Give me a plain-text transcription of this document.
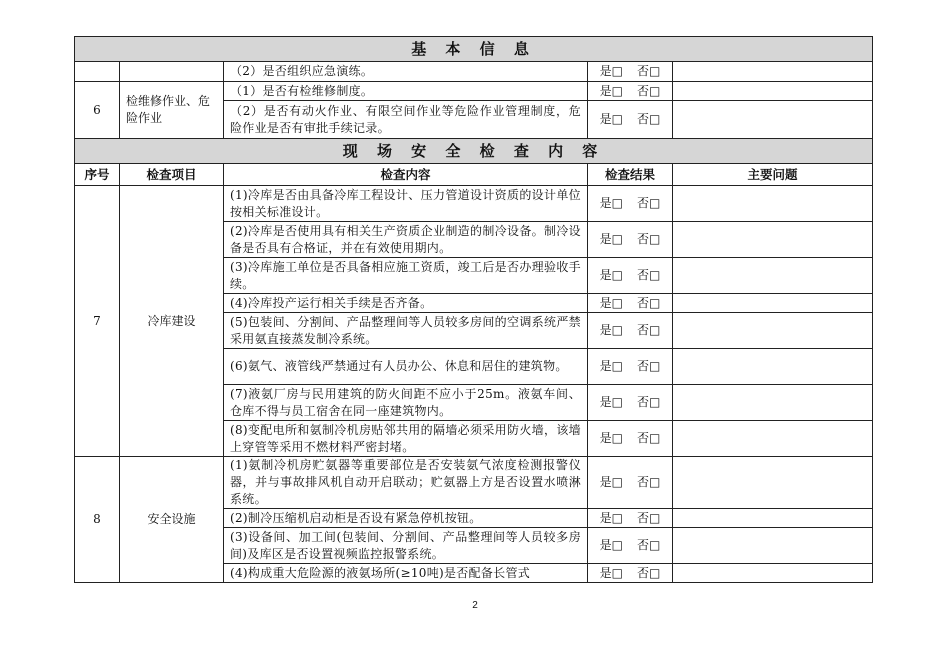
基 本 信 息				
		（2）是否组织应急演练。	是□ 否□	
6	检维修作业、危险作业	（1）是否有检维修制度。	是□ 否□	
		（2）是否有动火作业、有限空间作业等危险作业管理制度，危险作业是否有审批手续记录。	是□ 否□	
现 场 安 全 检 查 内 容				
序号	检查项目	检查内容	检查结果	主要问题
7	冷库建设	(1)冷库是否由具备冷库工程设计、压力管道设计资质的设计单位按相关标准设计。	是□ 否□	
		(2)冷库是否使用具有相关生产资质企业制造的制冷设备。制冷设备是否具有合格证，并在有效使用期内。	是□ 否□	
		(3)冷库施工单位是否具备相应施工资质，竣工后是否办理验收手续。	是□ 否□	
		(4)冷库投产运行相关手续是否齐备。	是□ 否□	
		(5)包装间、分割间、产品整理间等人员较多房间的空调系统严禁采用氨直接蒸发制冷系统。	是□ 否□	
		(6)氨气、液管线严禁通过有人员办公、休息和居住的建筑物。	是□ 否□	
		(7)液氨厂房与民用建筑的防火间距不应小于25m。液氨车间、仓库不得与员工宿舍在同一座建筑物内。	是□ 否□	
		(8)变配电所和氨制冷机房贴邻共用的隔墙必须采用防火墙，该墙上穿管等采用不燃材料严密封堵。	是□ 否□	
8	安全设施	(1)氨制冷机房贮氨器等重要部位是否安装氨气浓度检测报警仪器，并与事故排风机自动开启联动；贮氨器上方是否设置水喷淋系统。	是□ 否□	
		(2)制冷压缩机启动柜是否设有紧急停机按钮。	是□ 否□	
		(3)设备间、加工间(包装间、分割间、产品整理间等人员较多房间)及库区是否设置视频监控报警系统。	是□ 否□	
		(4)构成重大危险源的液氨场所(≥10吨)是否配备长管式	是□ 否□	
2
